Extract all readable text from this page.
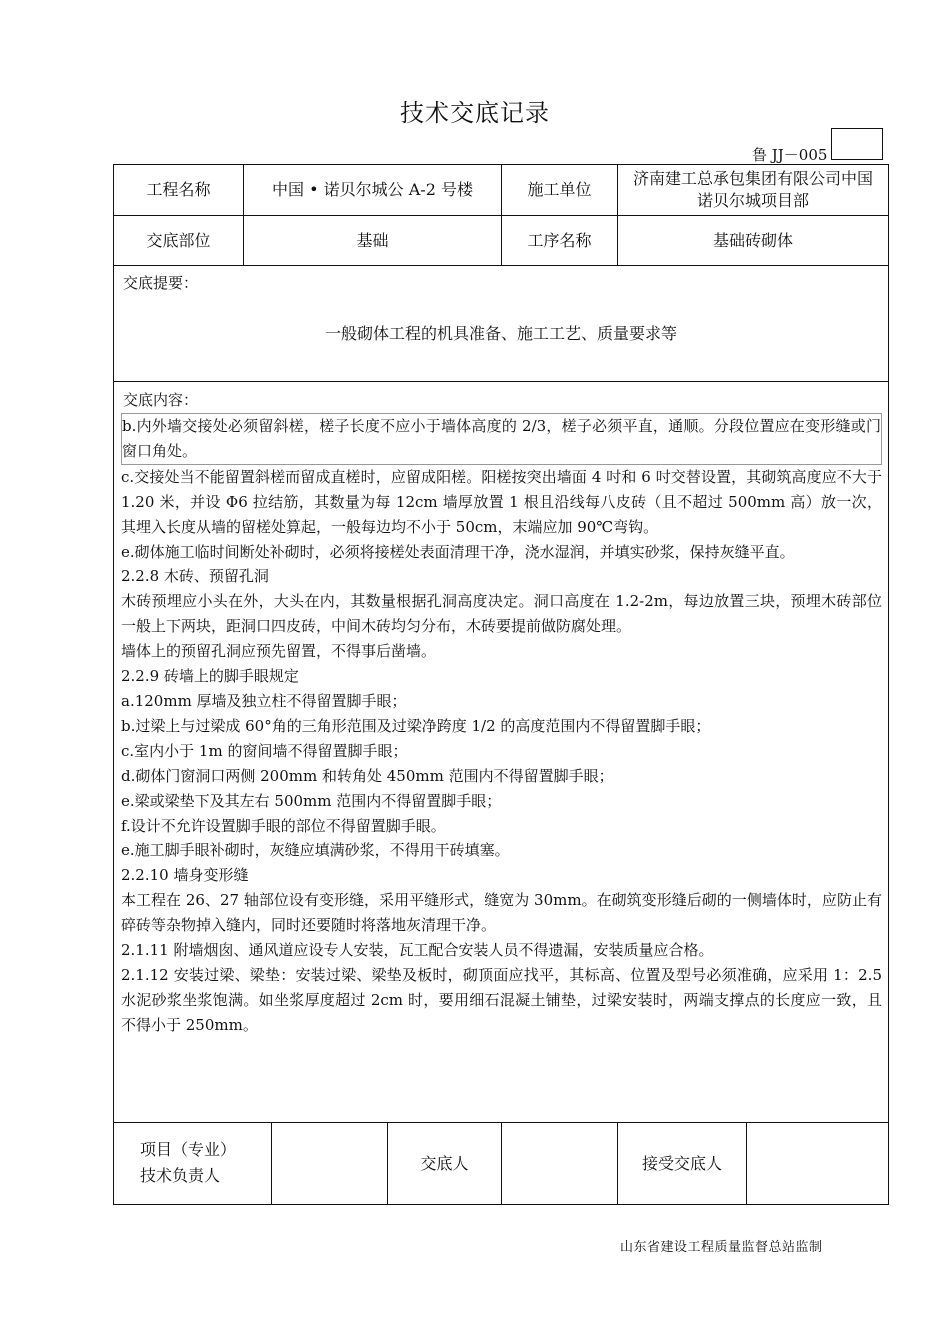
技术交底记录
鲁 JJ－005
工程名称	中国 • 诺贝尔城公 A-2 号楼	施工单位
济南建工总承包集团有限公司中国
诺贝尔城项目部
交底部位	基础	工序名称	基础砖砌体
交底提要：
一般砌体工程的机具准备、施工工艺、质量要求等
交底内容：

b.内外墙交接处必须留斜槎，槎子长度不应小于墙体高度的 2/3，槎子必须平直，通顺。分段位置应在变形缝或门窗口角处。

c.交接处当不能留置斜槎而留成直槎时，应留成阳槎。阳槎按突出墙面 4 吋和 6 吋交替设置，其砌筑高度应不大于 1.20 米，并设 Φ6 拉结筋，其数量为每 12cm 墙厚放置 1 根且沿线每八皮砖（且不超过 500mm 高）放一次，其埋入长度从墙的留槎处算起，一般每边均不小于 50cm，末端应加 90℃弯钩。

e.砌体施工临时间断处补砌时，必须将接槎处表面清理干净，浇水湿润，并填实砂浆，保持灰缝平直。

2.2.8 木砖、预留孔洞

木砖预埋应小头在外，大头在内，其数量根据孔洞高度决定。洞口高度在 1.2-2m，每边放置三块，预埋木砖部位一般上下两块，距洞口四皮砖，中间木砖均匀分布，木砖要提前做防腐处理。

墙体上的预留孔洞应预先留置，不得事后凿墙。

2.2.9 砖墙上的脚手眼规定

a.120mm 厚墙及独立柱不得留置脚手眼；

b.过梁上与过梁成 60°角的三角形范围及过梁净跨度 1/2 的高度范围内不得留置脚手眼；

c.室内小于 1m 的窗间墙不得留置脚手眼；

d.砌体门窗洞口两侧 200mm 和转角处 450mm 范围内不得留置脚手眼；

e.梁或梁垫下及其左右 500mm 范围内不得留置脚手眼；

f.设计不允许设置脚手眼的部位不得留置脚手眼。

e.施工脚手眼补砌时，灰缝应填满砂浆，不得用干砖填塞。

2.2.10 墙身变形缝

本工程在 26、27 轴部位设有变形缝，采用平缝形式，缝宽为 30mm。在砌筑变形缝后砌的一侧墙体时，应防止有碎砖等杂物掉入缝内，同时还要随时将落地灰清理干净。

2.1.11 附墙烟囱、通风道应设专人安装，瓦工配合安装人员不得遗漏，安装质量应合格。

2.1.12 安装过梁、梁垫：安装过梁、梁垫及板时，砌顶面应找平，其标高、位置及型号必须准确，应采用 1：2.5 水泥砂浆坐浆饱满。如坐浆厚度超过 2cm 时，要用细石混凝土铺垫，过梁安装时，两端支撑点的长度应一致，且不得小于 250mm。

项目（专业）
技术负责人
交底人	接受交底人
山东省建设工程质量监督总站监制
